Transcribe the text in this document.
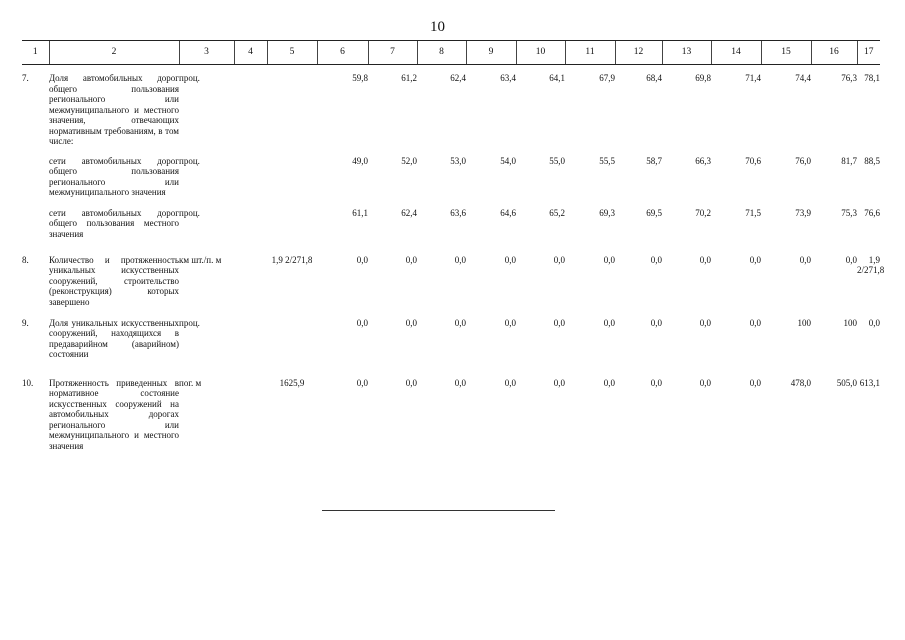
10
1	2	3	4	5	6	7	8	9	10	11	12	13	14	15	16	17
7.	Доля автомобильных дорог общего пользования регионального или межмуниципального и местного значения, отвечающих нормативным требованиям, в том числе:	проц.			59,8	61,2	62,4	63,4	64,1	67,9	68,4	69,8	71,4	74,4	76,3	78,1
	сети автомобильных дорог общего пользования регионального или межмуниципального значения	проц.			49,0	52,0	53,0	54,0	55,0	55,5	58,7	66,3	70,6	76,0	81,7	88,5
	сети автомобильных дорог общего пользования местного значения	проц.			61,1	62,4	63,6	64,6	65,2	69,3	69,5	70,2	71,5	73,9	75,3	76,6
8.	Количество и протяженность уникальных искусственных сооружений, строительство (реконструкция) которых завершено	км шт./п. м		1,9 2/271,8	0,0	0,0	0,0	0,0	0,0	0,0	0,0	0,0	0,0	0,0	0,0	1,9 2/271,8
9.	Доля уникальных искусственных сооружений, находящихся в предаварийном (аварийном) состоянии	проц.			0,0	0,0	0,0	0,0	0,0	0,0	0,0	0,0	0,0	100	100	0,0
10.	Протяженность приведенных в нормативное состояние искусственных сооружений на автомобильных дорогах регионального или межмуниципального и местного значения	пог. м		1625,9	0,0	0,0	0,0	0,0	0,0	0,0	0,0	0,0	0,0	478,0	505,0	613,1
